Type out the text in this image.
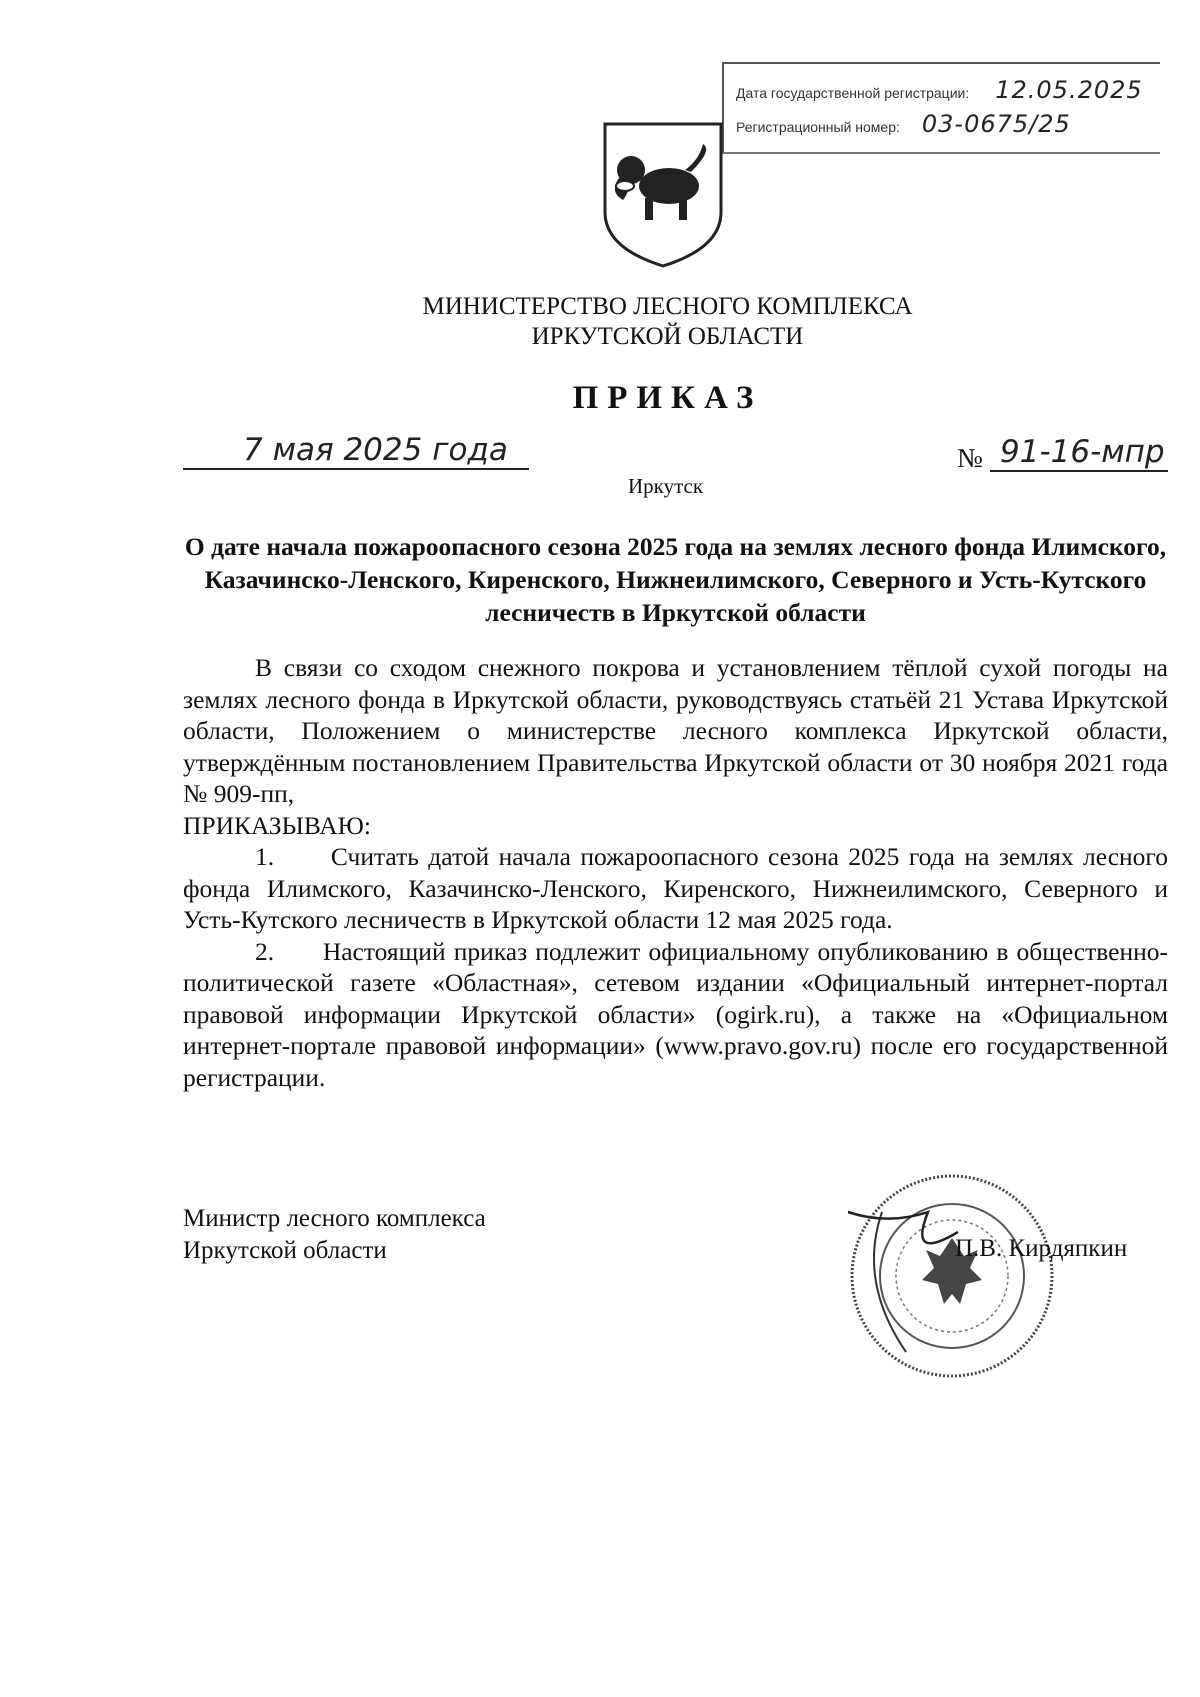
Дата государственной регистрации: 12.05.2025
Регистрационный номер: 03-0675/25
МИНИСТЕРСТВО ЛЕСНОГО КОМПЛЕКСА
ИРКУТСКОЙ ОБЛАСТИ
ПРИКАЗ
7 мая 2025 года
Иркутск
№ 91-16-мпр
О дате начала пожароопасного сезона 2025 года на землях лесного фонда Илимского, Казачинско-Ленского, Киренского, Нижнеилимского, Северного и Усть-Кутского лесничеств в Иркутской области

В связи со сходом снежного покрова и установлением тёплой сухой погоды на землях лесного фонда в Иркутской области, руководствуясь статьёй 21 Устава Иркутской области, Положением о министерстве лесного комплекса Иркутской области, утверждённым постановлением Правительства Иркутской области от 30 ноября 2021 года № 909-пп,

ПРИКАЗЫВАЮ:

1. Считать датой начала пожароопасного сезона 2025 года на землях лесного фонда Илимского, Казачинско-Ленского, Киренского, Нижнеилимского, Северного и Усть-Кутского лесничеств в Иркутской области 12 мая 2025 года.

2. Настоящий приказ подлежит официальному опубликованию в общественно-политической газете «Областная», сетевом издании «Официальный интернет-портал правовой информации Иркутской области» (ogirk.ru), а также на «Официальном интернет-портале правовой информации» (www.pravo.gov.ru) после его государственной регистрации.

Министр лесного комплекса
Иркутской области	П.В. Кирдяпкин
